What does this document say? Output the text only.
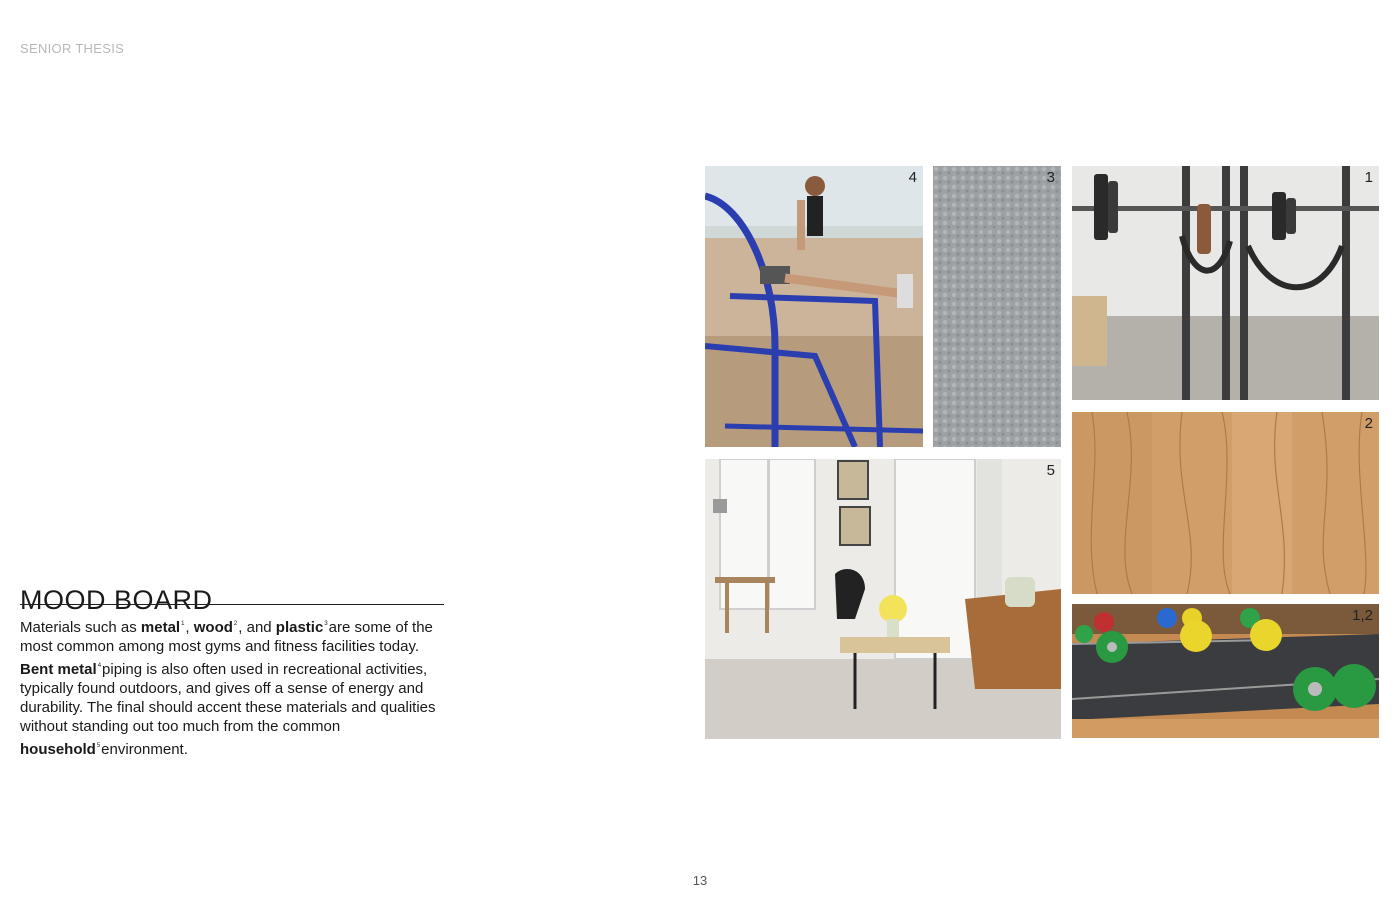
SENIOR THESIS
4	3	1
2
5
1,2
MOOD BOARD

Materials such as metal$^1$, wood$^2$, and plastic$^3$are some of the most common among most gyms and fitness facilities today. Bent metal$^4$piping is also often used in recreational activities, typically found outdoors, and gives off a sense of energy and durability. The final should accent these materials and qualities without standing out too much from the common household$^5$environment.

13
